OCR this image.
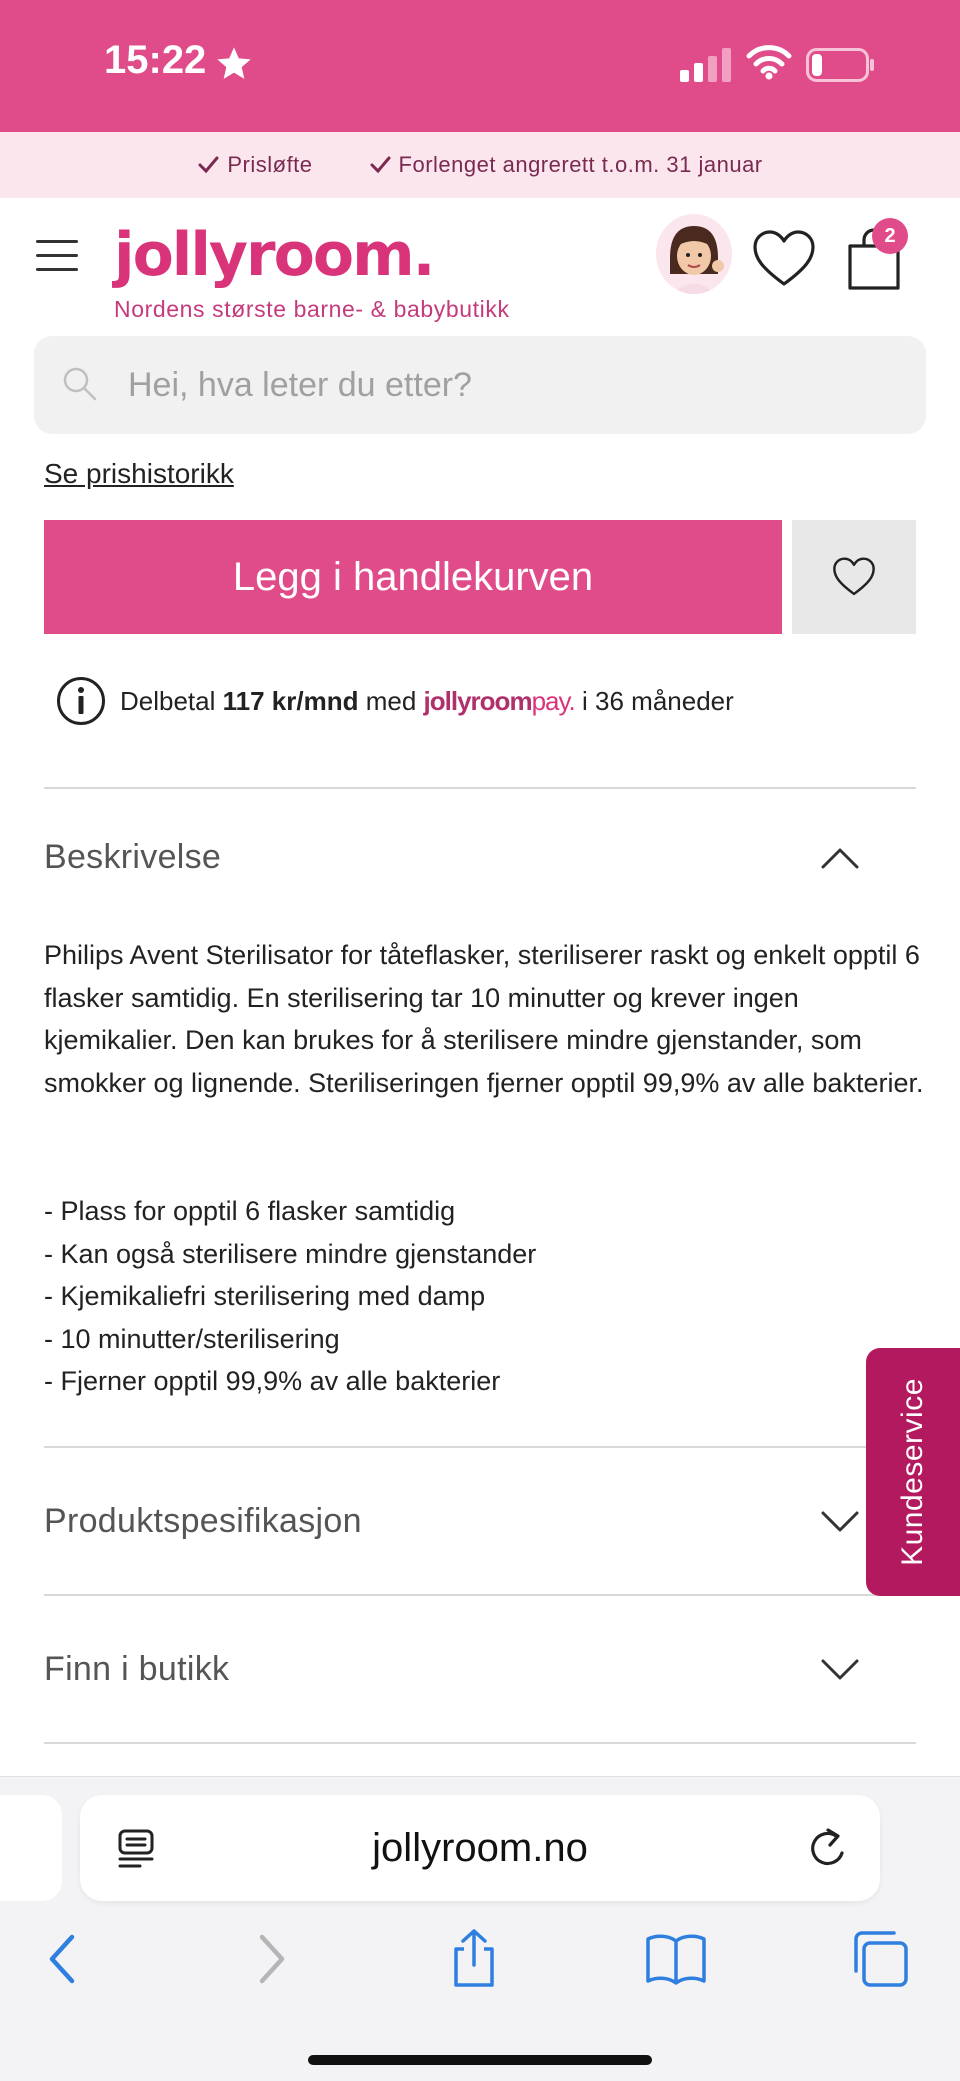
15:22
Prisløfte	Forlenget angrerett t.o.m. 31 januar
jollyroom.
Nordens største barne- & babybutikk
2
Hei, hva leter du etter?
Se prishistorikk
Legg i handlekurven
Delbetal 117 kr/mnd med jollyroompay. i 36 måneder
Beskrivelse

Philips Avent Sterilisator for tåteflasker, steriliserer raskt og enkelt opptil 6 flasker samtidig. En sterilisering tar 10 minutter og krever ingen kjemikalier. Den kan brukes for å sterilisere mindre gjenstander, som smokker og lignende. Steriliseringen fjerner opptil 99,9% av alle bakterier.

- Plass for opptil 6 flasker samtidig
- Kan også sterilisere mindre gjenstander
- Kjemikaliefri sterilisering med damp
- 10 minutter/sterilisering
- Fjerner opptil 99,9% av alle bakterier
Produktspesifikasjon
Finn i butikk
Kundeservice
jollyroom.no
